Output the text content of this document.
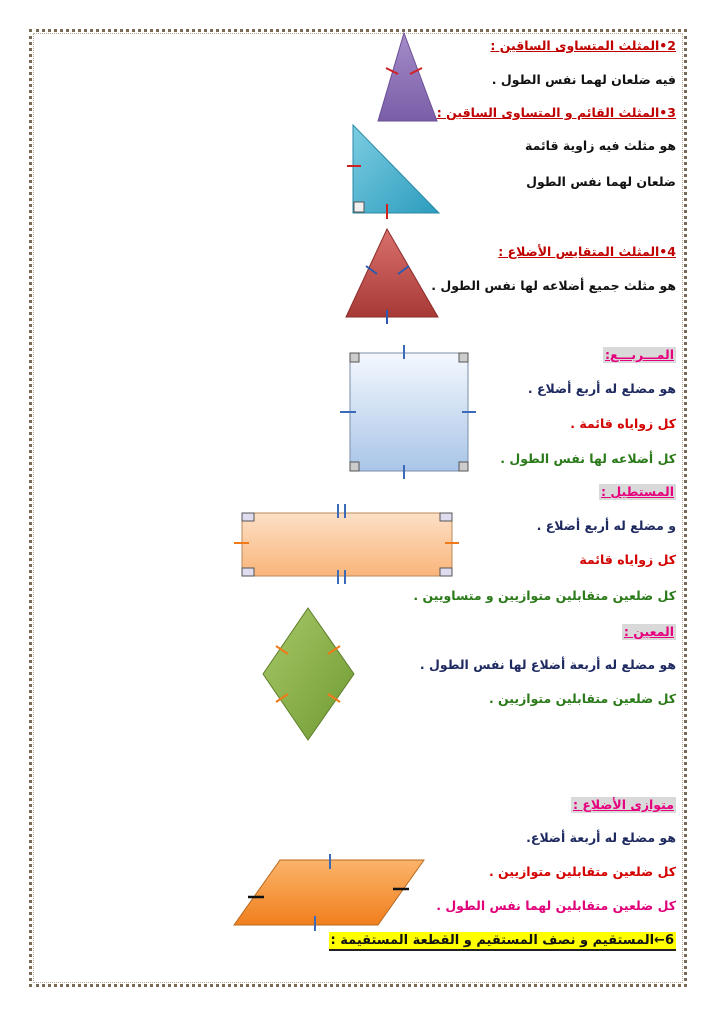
2•المثلث المتساوى الساقين :
فيه ضلعان لهما نفس الطول .
3•المثلث القائم و المتساوى الساقين :
هو مثلث فيه زاوية قائمة
ضلعان لهما نفس الطول
4•المثلث المتقايس الأضلاع :
هو مثلث جميع أضلاعه لها نفس الطول .
المـــربـــع:
هو مضلع له أربع أضلاع .
كل زواياه قائمة .
كل أضلاعه لها نفس الطول .
المستطيل :
و مضلع له أربع أضلاع .
كل زواياه قائمة
كل ضلعين متقابلين متوازيين و متساويين .
المعين :
هو مضلع له أربعة أضلاع لها نفس الطول .
كل ضلعين متقابلين متوازيين .
متوازى الأضلاع :
هو مضلع له أربعة أضلاع.
كل ضلعين متقابلين متوازيين .
كل ضلعين متقابلين لهما نفس الطول .
6←المستقيم و نصف المستقيم و القطعة المستقيمة :
